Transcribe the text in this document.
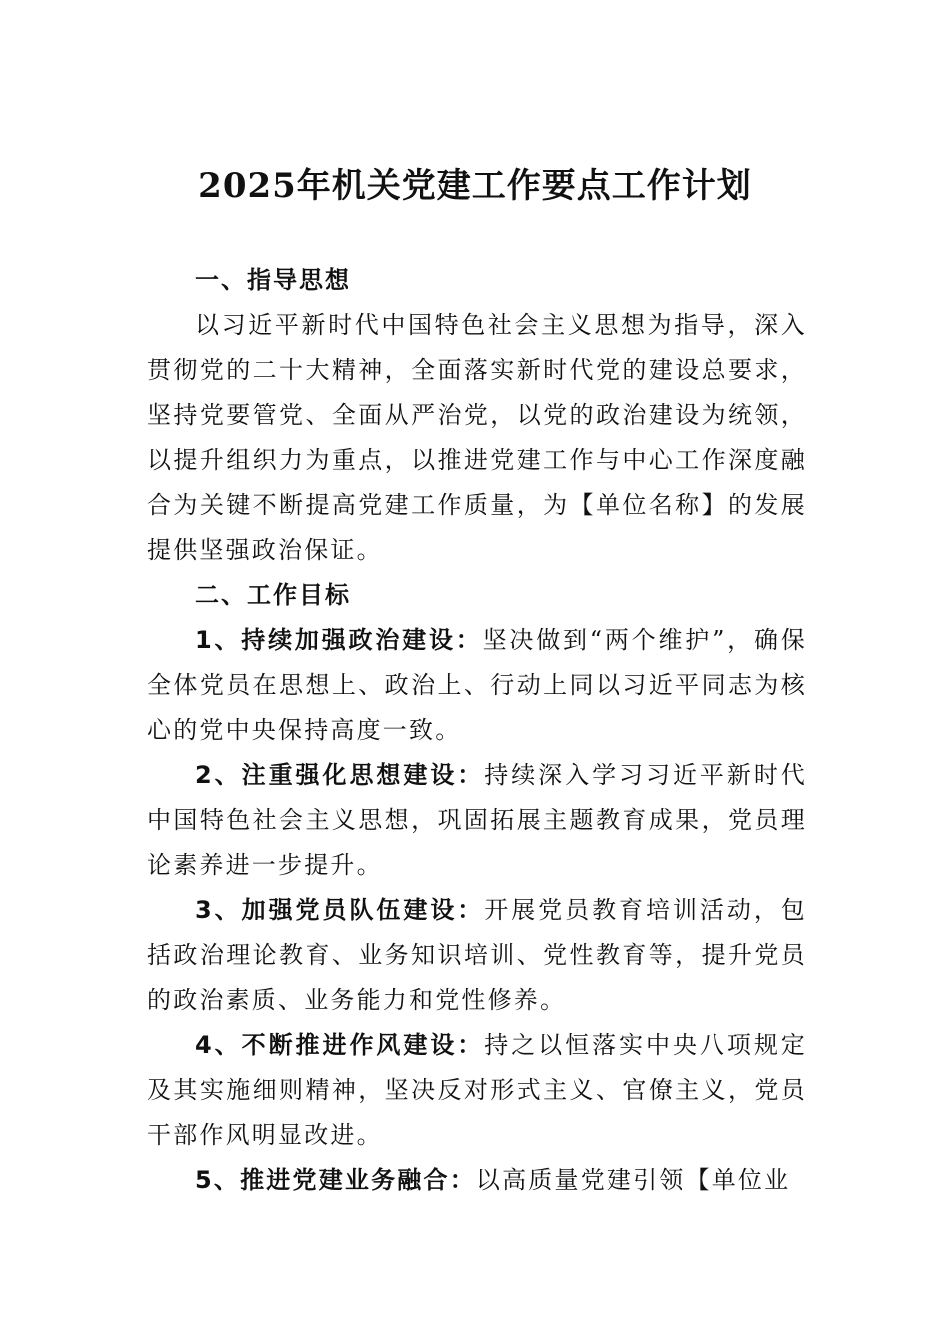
2025年机关党建工作要点工作计划

一、指导思想

以习近平新时代中国特色社会主义思想为指导，深入贯彻党的二十大精神，全面落实新时代党的建设总要求，坚持党要管党、全面从严治党，以党的政治建设为统领，以提升组织力为重点，以推进党建工作与中心工作深度融合为关键不断提高党建工作质量，为【单位名称】的发展提供坚强政治保证。

二、工作目标

1、持续加强政治建设：坚决做到“两个维护”，确保全体党员在思想上、政治上、行动上同以习近平同志为核心的党中央保持高度一致。

2、注重强化思想建设：持续深入学习习近平新时代中国特色社会主义思想，巩固拓展主题教育成果，党员理论素养进一步提升。

3、加强党员队伍建设：开展党员教育培训活动，包括政治理论教育、业务知识培训、党性教育等，提升党员的政治素质、业务能力和党性修养。

4、不断推进作风建设：持之以恒落实中央八项规定及其实施细则精神，坚决反对形式主义、官僚主义，党员干部作风明显改进。

5、推进党建业务融合：以高质量党建引领【单位业
